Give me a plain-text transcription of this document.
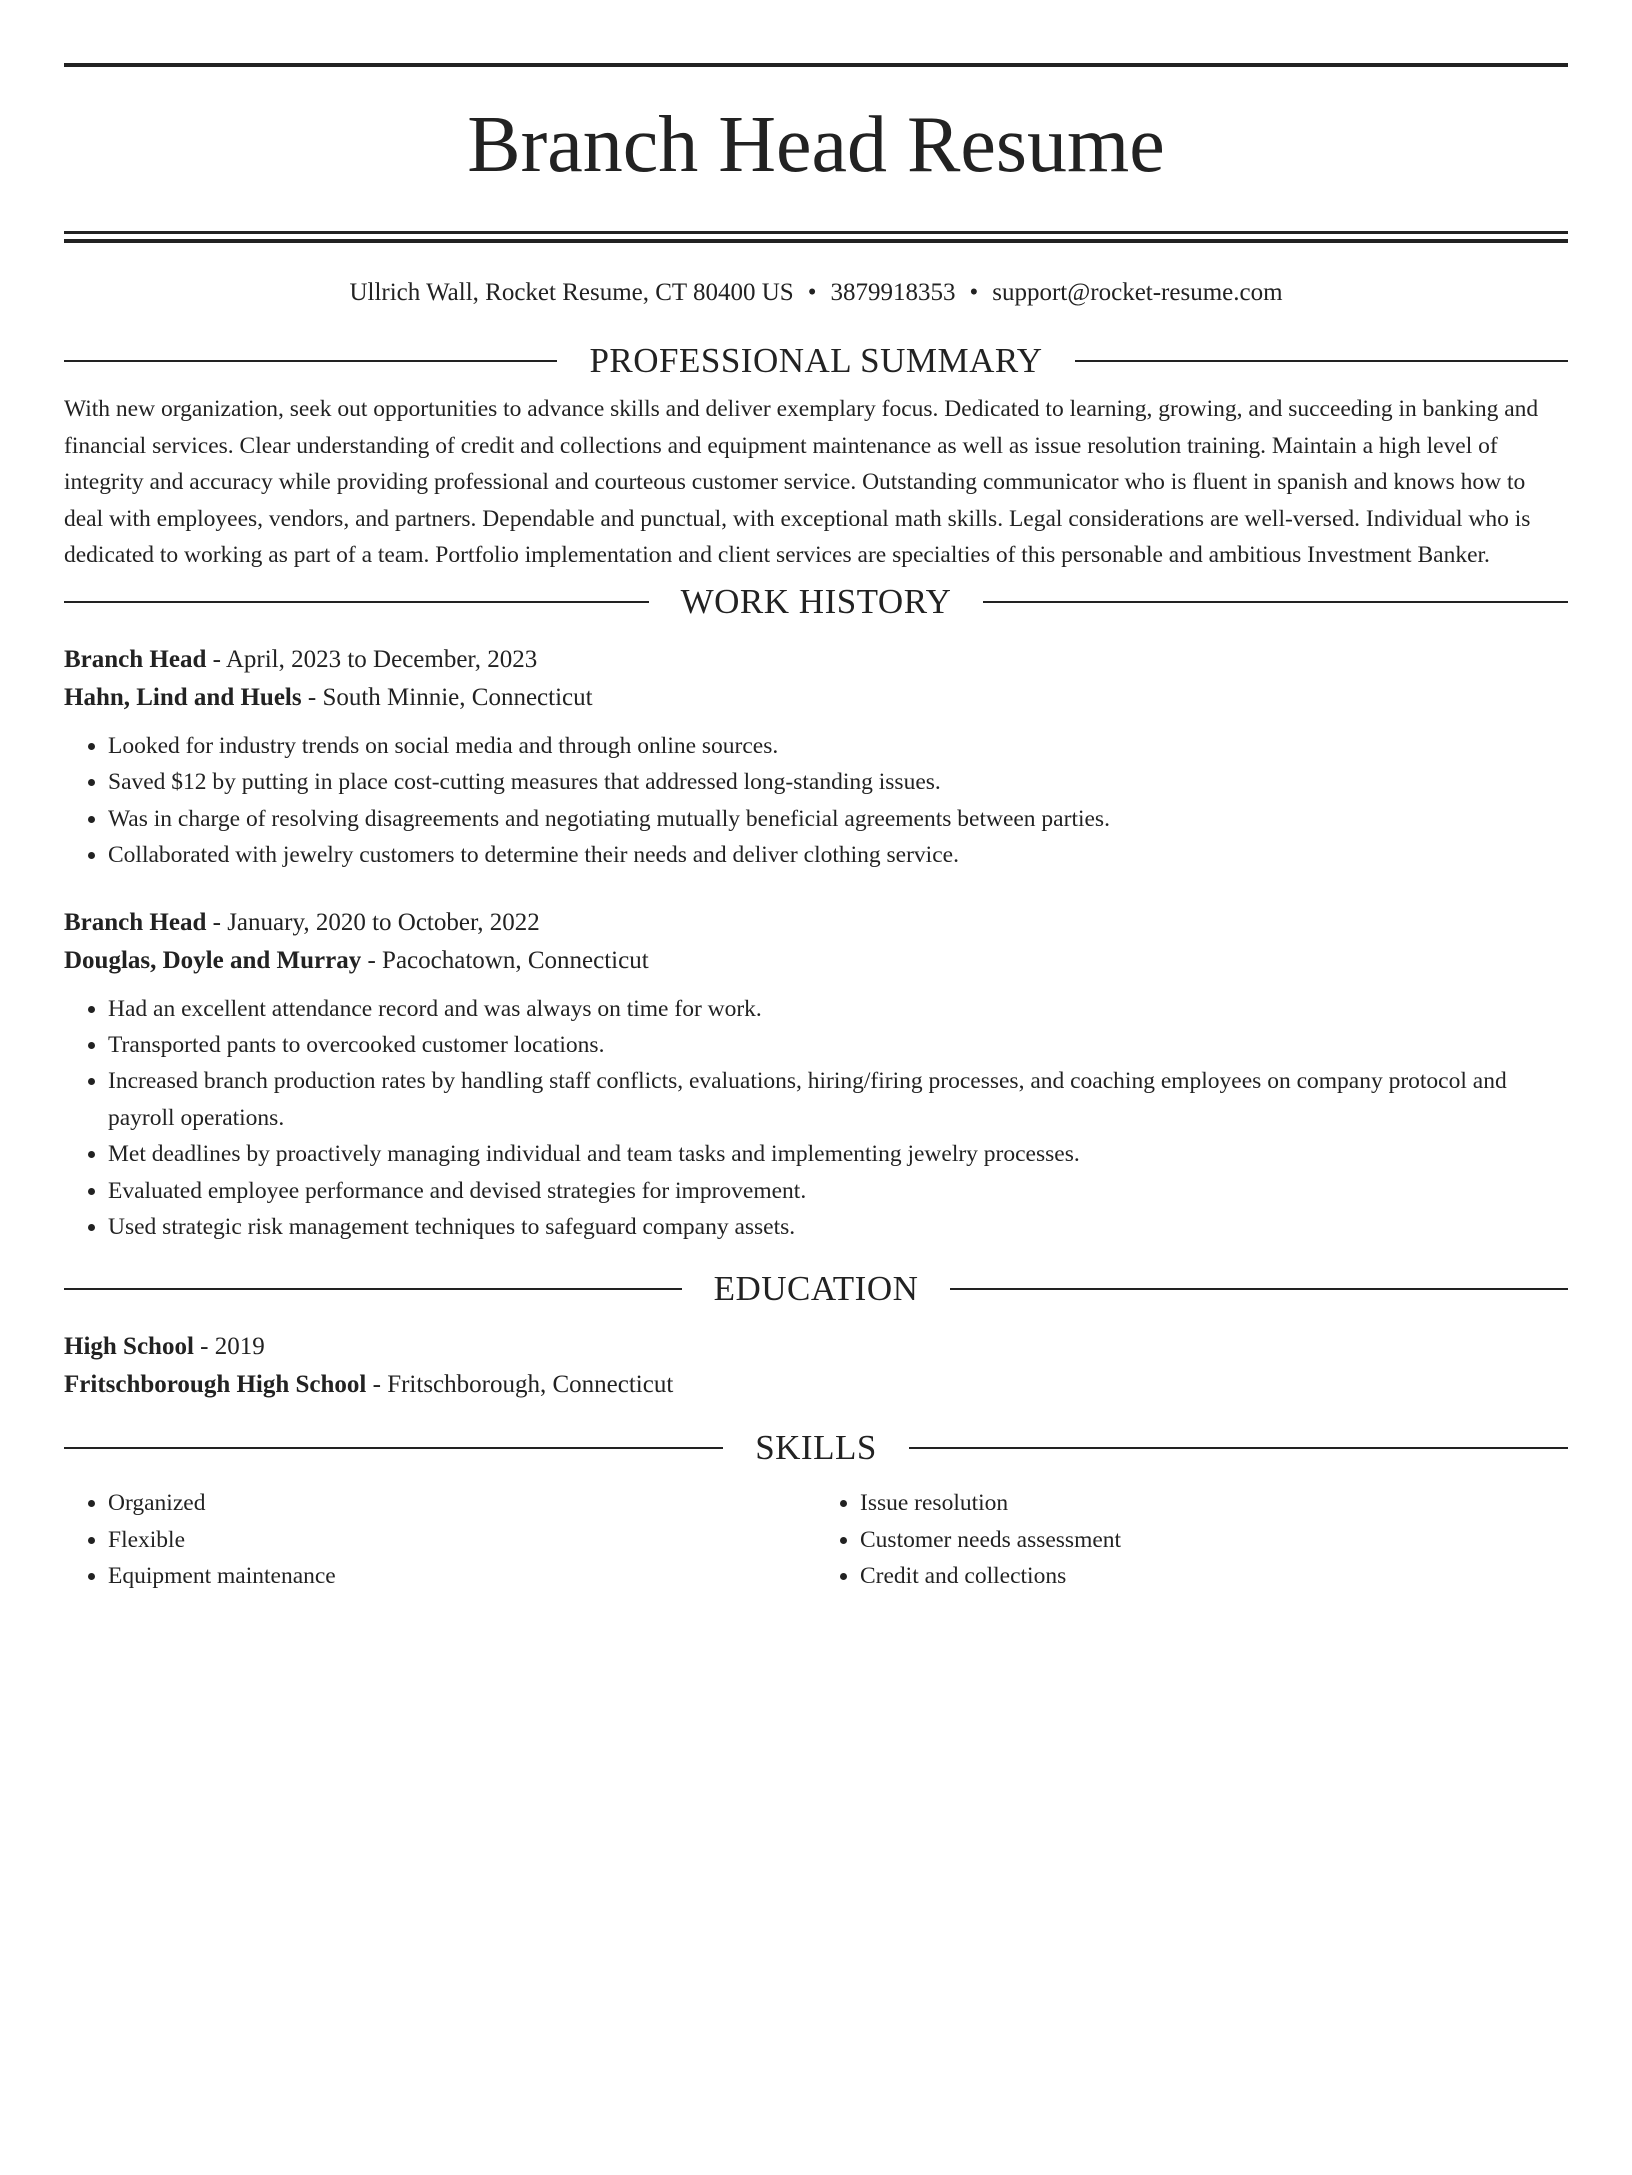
Branch Head Resume
Ullrich Wall, Rocket Resume, CT 80400 US • 3879918353 • support@rocket-resume.com
PROFESSIONAL SUMMARY

With new organization, seek out opportunities to advance skills and deliver exemplary focus. Dedicated to learning, growing, and succeeding in banking and financial services. Clear understanding of credit and collections and equipment maintenance as well as issue resolution training. Maintain a high level of integrity and accuracy while providing professional and courteous customer service. Outstanding communicator who is fluent in spanish and knows how to deal with employees, vendors, and partners. Dependable and punctual, with exceptional math skills. Legal considerations are well-versed. Individual who is dedicated to working as part of a team. Portfolio implementation and client services are specialties of this personable and ambitious Investment Banker.

WORK HISTORY
Branch Head - April, 2023 to December, 2023
Hahn, Lind and Huels - South Minnie, Connecticut
• Looked for industry trends on social media and through online sources.
• Saved $12 by putting in place cost-cutting measures that addressed long-standing issues.
• Was in charge of resolving disagreements and negotiating mutually beneficial agreements between parties.
• Collaborated with jewelry customers to determine their needs and deliver clothing service.
Branch Head - January, 2020 to October, 2022
Douglas, Doyle and Murray - Pacochatown, Connecticut
• Had an excellent attendance record and was always on time for work.
• Transported pants to overcooked customer locations.
• Increased branch production rates by handling staff conflicts, evaluations, hiring/firing processes, and coaching employees on company protocol and payroll operations.
• Met deadlines by proactively managing individual and team tasks and implementing jewelry processes.
• Evaluated employee performance and devised strategies for improvement.
• Used strategic risk management techniques to safeguard company assets.
EDUCATION
High School - 2019
Fritschborough High School - Fritschborough, Connecticut
SKILLS
• Organized
• Flexible
• Equipment maintenance
• Issue resolution
• Customer needs assessment
• Credit and collections
